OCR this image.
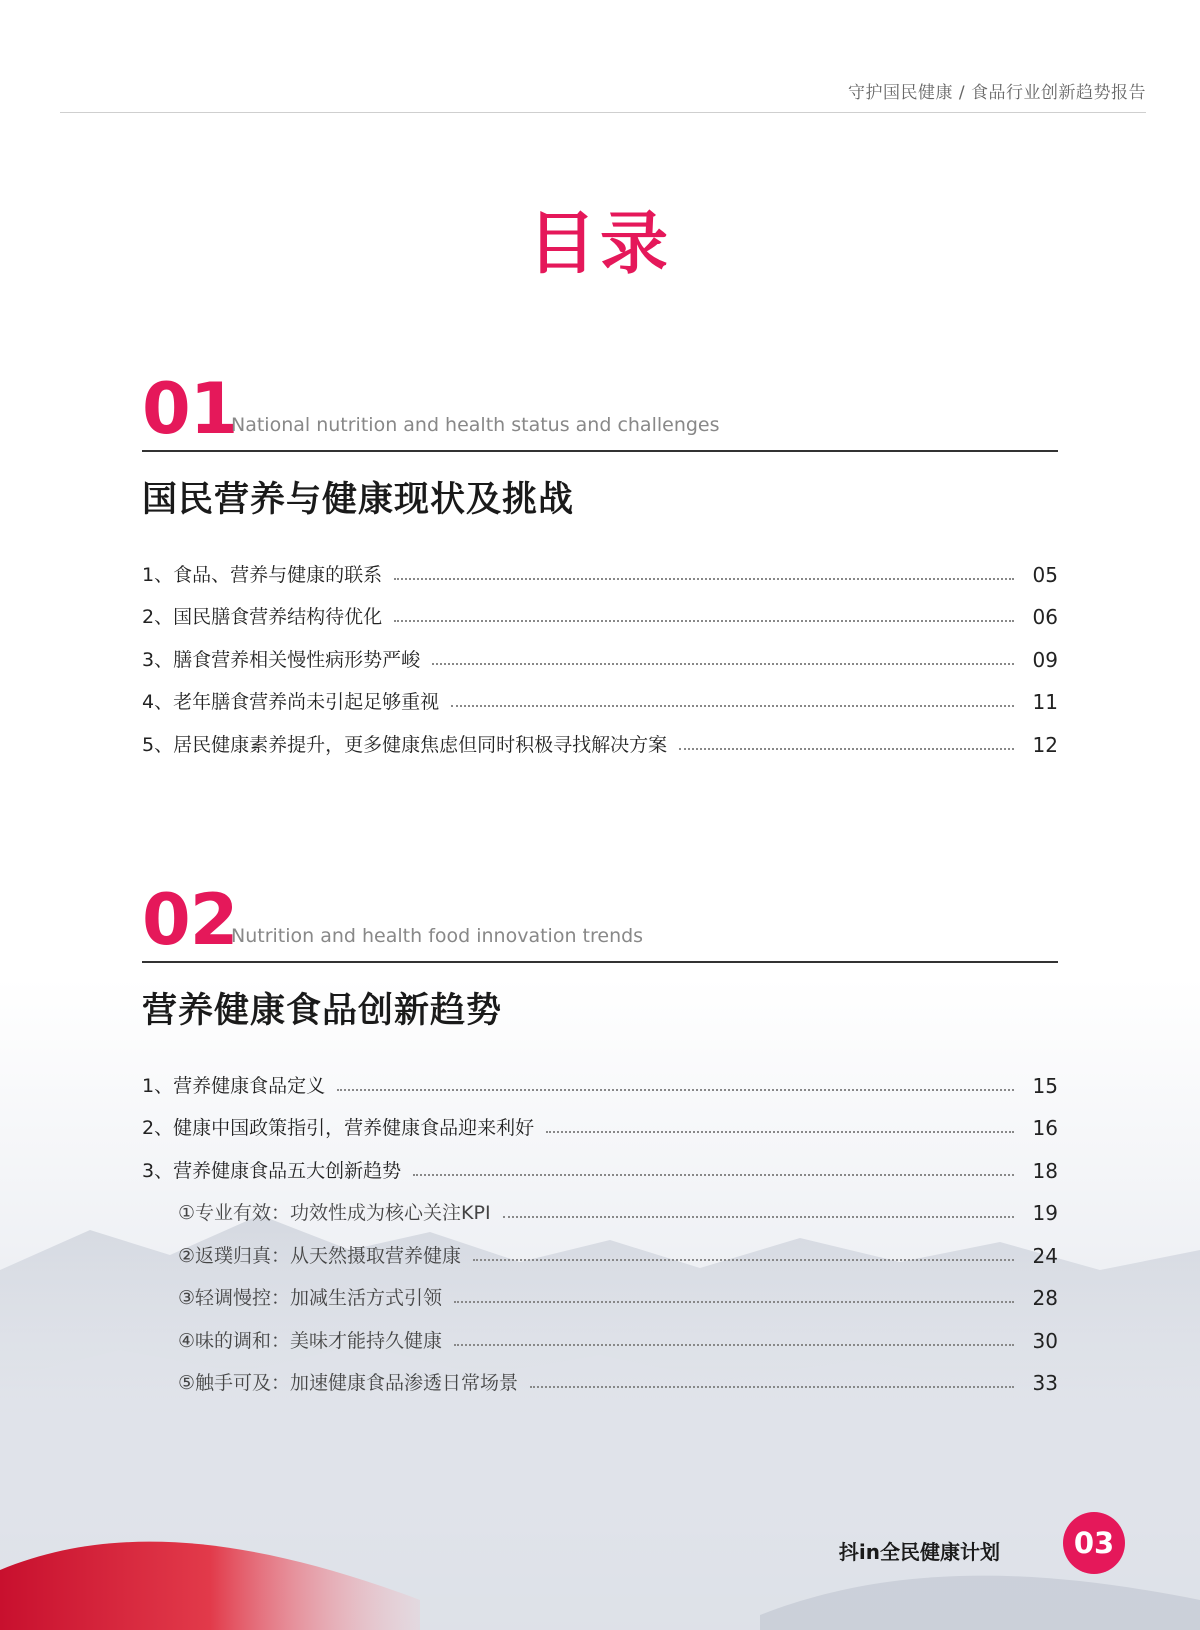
守护国民健康 / 食品行业创新趋势报告
目录
01
National nutrition and health status and challenges
国民营养与健康现状及挑战
1、食品、营养与健康的联系	05
2、国民膳食营养结构待优化	06
3、膳食营养相关慢性病形势严峻	09
4、老年膳食营养尚未引起足够重视	11
5、居民健康素养提升，更多健康焦虑但同时积极寻找解决方案	12
02
Nutrition and health food innovation trends
营养健康食品创新趋势
1、营养健康食品定义	15
2、健康中国政策指引，营养健康食品迎来利好	16
3、营养健康食品五大创新趋势	18
①专业有效：功效性成为核心关注KPI	19
②返璞归真：从天然摄取营养健康	24
③轻调慢控：加减生活方式引领	28
④味的调和：美味才能持久健康	30
⑤触手可及：加速健康食品渗透日常场景	33
抖in全民健康计划	03
